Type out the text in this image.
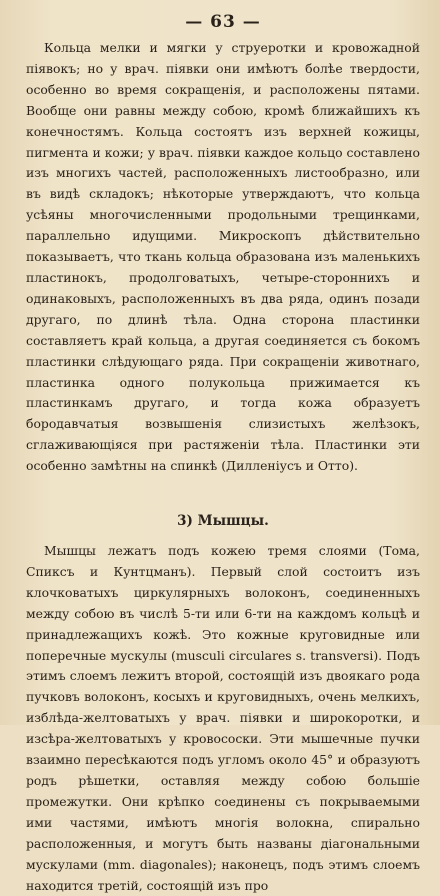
— 63 —

Кольца мелки и мягки у струеротки и кровожадной піявокъ; но у врач. піявки они имѣютъ болѣе твердости, особенно во время сокращенія, и расположены пятами. Вообще они равны между собою, кромѣ ближайшихъ къ конечностямъ. Кольца состоятъ изъ верхней кожицы, пигмента и кожи; у врач. піявки каждое кольцо составлено изъ многихъ частей, расположенныхъ листообразно, или въ видѣ складокъ; нѣкоторые утверждаютъ, что кольца усѣяны многочисленными продольными трещинками, параллельно идущими. Микроскопъ дѣйствительно показываетъ, что ткань кольца образована изъ маленькихъ пластинокъ, продолговатыхъ, четыре-стороннихъ и одинаковыхъ, расположенныхъ въ два ряда, одинъ позади другаго, по длинѣ тѣла. Одна сторона пластинки составляетъ край кольца, а другая соединяется съ бокомъ пластинки слѣдующаго ряда. При сокращеніи животнаго, пластинка одного полукольца прижимается къ пластинкамъ другаго, и тогда кожа образуетъ бородавчатыя возвышенія слизистыхъ желѣзокъ, сглаживающіяся при растяженіи тѣла. Пластинки эти особенно замѣтны на спинкѣ (Дилленіусъ и Отто).

3) Мышцы.

Мышцы лежатъ подъ кожею тремя слоями (Тома, Спиксъ и Кунтцманъ). Первый слой состоитъ изъ клочковатыхъ циркулярныхъ волоконъ, соединенныхъ между собою въ числѣ 5-ти или 6-ти на каждомъ кольцѣ и принадлежащихъ кожѣ. Это кожные круговидные или поперечные мускулы (musculi circulares s. transversi). Подъ этимъ слоемъ лежитъ второй, состоящій изъ двоякаго рода пучковъ волоконъ, косыхъ и круговидныхъ, очень мелкихъ, изблѣда-желтоватыхъ у врач. піявки и широкоротки, и изсѣра-желтоватыхъ у кровососки. Эти мышечные пучки взаимно пересѣкаются подъ угломъ около 45° и образуютъ родъ рѣшетки, оставляя между собою большіе промежутки. Они крѣпко соединены съ покрываемыми ими частями, имѣютъ многія волокна, спирально расположенныя, и могутъ быть названы діагональными мускулами (mm. diagonales); наконецъ, подъ этимъ слоемъ находится третій, состоящій изъ про
